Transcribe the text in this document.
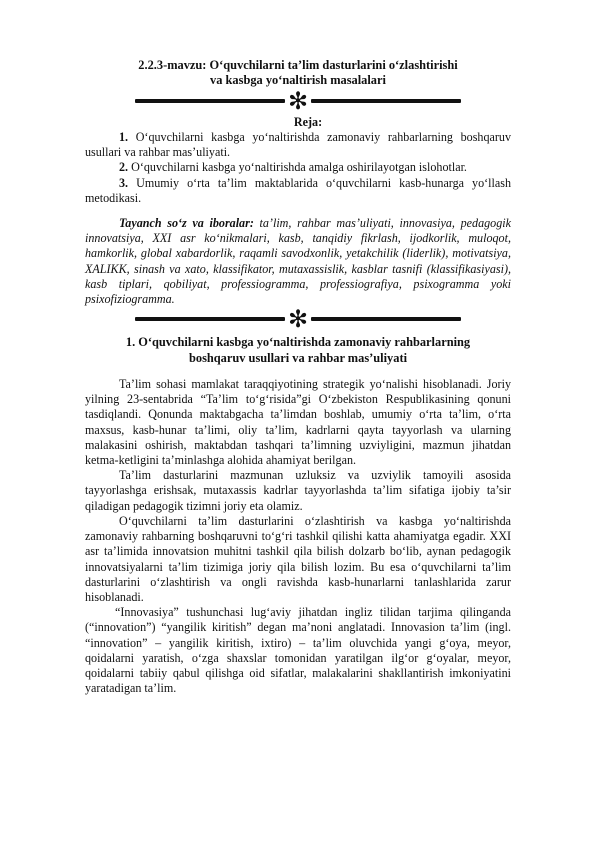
2.2.3-mavzu: O‘quvchilarni ta’lim dasturlarini o‘zlashtirishi
va kasbga yo‘naltirish masalalari
✻
Reja:

1. O‘quvchilarni kasbga yo‘naltirishda zamonaviy rahbarlarning boshqaruv usullari va rahbar mas’uliyati.

2. O‘quvchilarni kasbga yo‘naltirishda amalga oshirilayotgan islohotlar.

3. Umumiy o‘rta ta’lim maktablarida o‘quvchilarni kasb-hunarga yo‘llash metodikasi.

Tayanch so‘z va iboralar: ta’lim, rahbar mas’uliyati, innovasiya, pedagogik innovatsiya, XXI asr ko‘nikmalari, kasb, tanqidiy fikrlash, ijodkorlik, muloqot, hamkorlik, global xabardorlik, raqamli savodxonlik, yetakchilik (liderlik), motivatsiya, XALIKK, sinash va xato, klassifikator, mutaxassislik, kasblar tasnifi (klassifikasiyasi), kasb tiplari, qobiliyat, professiogramma, professiografiya, psixogramma yoki psixofiziogramma.

✻
1. O‘quvchilarni kasbga yo‘naltirishda zamonaviy rahbarlarning
boshqaruv usullari va rahbar mas’uliyati

Ta’lim sohasi mamlakat taraqqiyotining strategik yo‘nalishi hisoblanadi. Joriy yilning 23-sentabrida “Ta’lim to‘g‘risida”gi O‘zbekiston Respublikasining qonuni tasdiqlandi. Qonunda maktabgacha ta’limdan boshlab, umumiy o‘rta ta’lim, o‘rta maxsus, kasb-hunar ta’limi, oliy ta’lim, kadrlarni qayta tayyorlash va ularning malakasini oshirish, maktabdan tashqari ta’limning uzviyligini, mazmun jihatdan ketma-ketligini ta’minlashga alohida ahamiyat berilgan.

Ta’lim dasturlarini mazmunan uzluksiz va uzviylik tamoyili asosida tayyorlashga erishsak, mutaxassis kadrlar tayyorlashda ta’lim sifatiga ijobiy ta’sir qiladigan pedagogik tizimni joriy eta olamiz.

O‘quvchilarni ta’lim dasturlarini o‘zlashtirish va kasbga yo‘naltirishda zamonaviy rahbarning boshqaruvni to‘g‘ri tashkil qilishi katta ahamiyatga egadir. XXI asr ta’limida innovatsion muhitni tashkil qila bilish dolzarb bo‘lib, aynan pedagogik innovatsiyalarni ta’lim tizimiga joriy qila bilish lozim. Bu esa o‘quvchilarni ta’lim dasturlarini o‘zlashtirish va ongli ravishda kasb-hunarlarni tanlashlarida zarur hisoblanadi.

“Innovasiya” tushunchasi lug‘aviy jihatdan ingliz tilidan tarjima qilinganda (“innovation”) “yangilik kiritish” degan ma’noni anglatadi. Innovasion ta’lim (ingl. “innovation” – yangilik kiritish, ixtiro) – ta’lim oluvchida yangi g‘oya, meyor, qoidalarni yaratish, o‘zga shaxslar tomonidan yaratilgan ilg‘or g‘oyalar, meyor, qoidalarni tabiiy qabul qilishga oid sifatlar, malakalarini shakllantirish imkoniyatini yaratadigan ta’lim.
